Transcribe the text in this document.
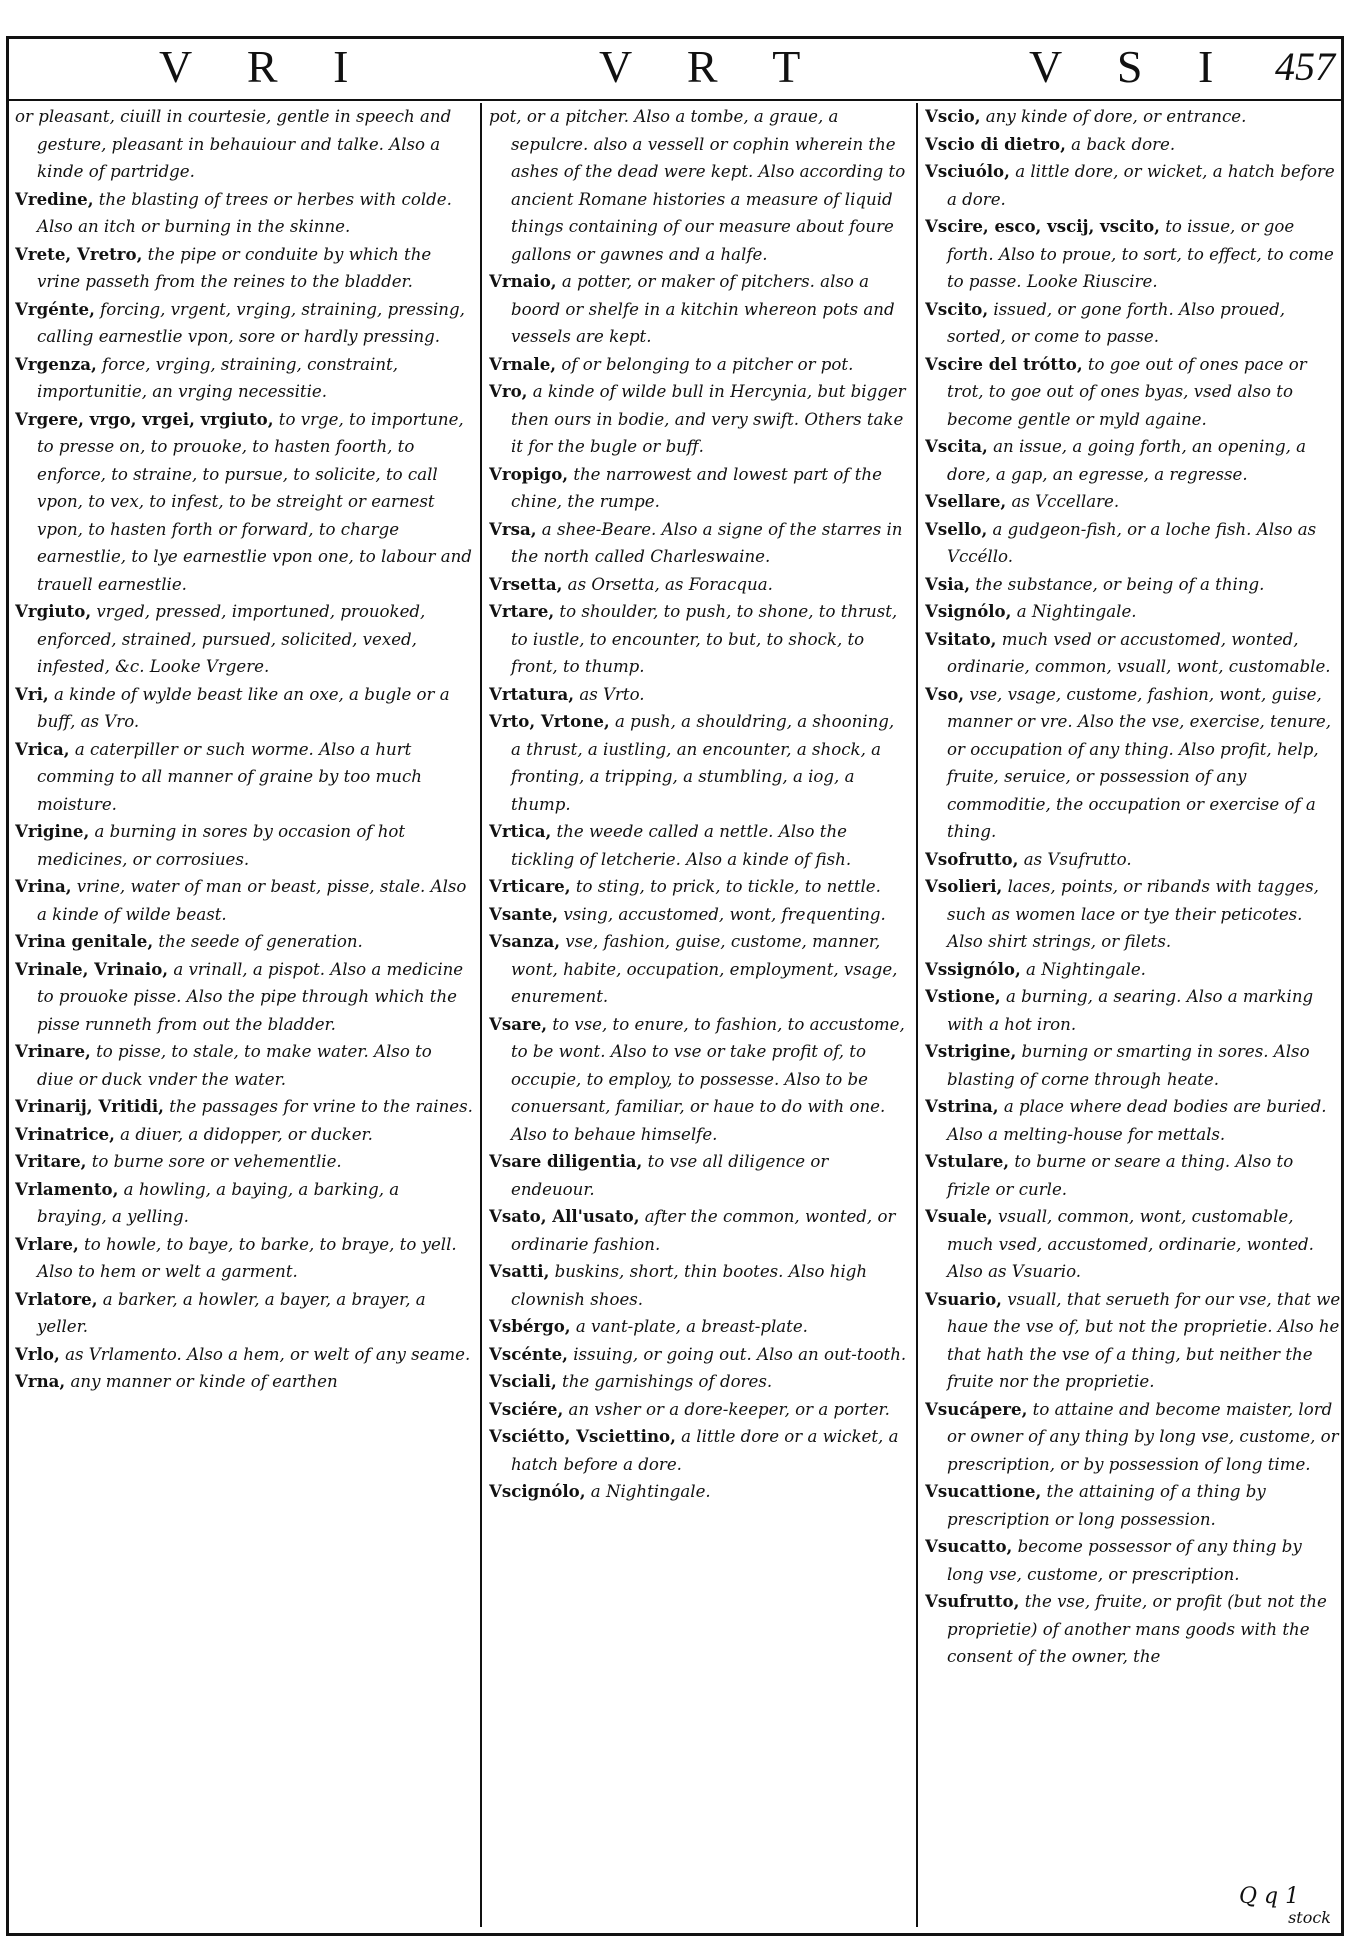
V R I	V R T	V S I 457

or pleasant, ciuill in courtesie, gentle in speech and gesture, pleasant in behauiour and talke. Also a kinde of partridge.

Vredine, the blasting of trees or herbes with colde. Also an itch or burning in the skinne.

Vrete, Vretro, the pipe or conduite by which the vrine passeth from the reines to the bladder.

Vrgénte, forcing, vrgent, vrging, straining, pressing, calling earnestlie vpon, sore or hardly pressing.

Vrgenza, force, vrging, straining, constraint, importunitie, an vrging necessitie.

Vrgere, vrgo, vrgei, vrgiuto, to vrge, to importune, to presse on, to prouoke, to hasten foorth, to enforce, to straine, to pursue, to solicite, to call vpon, to vex, to infest, to be streight or earnest vpon, to hasten forth or forward, to charge earnestlie, to lye earnestlie vpon one, to labour and trauell earnestlie.

Vrgiuto, vrged, pressed, importuned, prouoked, enforced, strained, pursued, solicited, vexed, infested, &c. Looke Vrgere.

Vri, a kinde of wylde beast like an oxe, a bugle or a buff, as Vro.

Vrica, a caterpiller or such worme. Also a hurt comming to all manner of graine by too much moisture.

Vrigine, a burning in sores by occasion of hot medicines, or corrosiues.

Vrina, vrine, water of man or beast, pisse, stale. Also a kinde of wilde beast.

Vrina genitale, the seede of generation.

Vrinale, Vrinaio, a vrinall, a pispot. Also a medicine to prouoke pisse. Also the pipe through which the pisse runneth from out the bladder.

Vrinare, to pisse, to stale, to make water. Also to diue or duck vnder the water.

Vrinarij, Vritidi, the passages for vrine to the raines.

Vrinatrice, a diuer, a didopper, or ducker.

Vritare, to burne sore or vehementlie.

Vrlamento, a howling, a baying, a barking, a braying, a yelling.

Vrlare, to howle, to baye, to barke, to braye, to yell. Also to hem or welt a garment.

Vrlatore, a barker, a howler, a bayer, a brayer, a yeller.

Vrlo, as Vrlamento. Also a hem, or welt of any seame.

Vrna, any manner or kinde of earthen

pot, or a pitcher. Also a tombe, a graue, a sepulcre. also a vessell or cophin wherein the ashes of the dead were kept. Also according to ancient Romane histories a measure of liquid things containing of our measure about foure gallons or gawnes and a halfe.

Vrnaio, a potter, or maker of pitchers. also a boord or shelfe in a kitchin whereon pots and vessels are kept.

Vrnale, of or belonging to a pitcher or pot.

Vro, a kinde of wilde bull in Hercynia, but bigger then ours in bodie, and very swift. Others take it for the bugle or buff.

Vropigo, the narrowest and lowest part of the chine, the rumpe.

Vrsa, a shee-Beare. Also a signe of the starres in the north called Charleswaine.

Vrsetta, as Orsetta, as Foracqua.

Vrtare, to shoulder, to push, to shone, to thrust, to iustle, to encounter, to but, to shock, to front, to thump.

Vrtatura, as Vrto.

Vrto, Vrtone, a push, a shouldring, a shooning, a thrust, a iustling, an encounter, a shock, a fronting, a tripping, a stumbling, a iog, a thump.

Vrtica, the weede called a nettle. Also the tickling of letcherie. Also a kinde of fish.

Vrticare, to sting, to prick, to tickle, to nettle.

Vsante, vsing, accustomed, wont, frequenting.

Vsanza, vse, fashion, guise, custome, manner, wont, habite, occupation, employment, vsage, enurement.

Vsare, to vse, to enure, to fashion, to accustome, to be wont. Also to vse or take profit of, to occupie, to employ, to possesse. Also to be conuersant, familiar, or haue to do with one. Also to behaue himselfe.

Vsare diligentia, to vse all diligence or endeuour.

Vsato, All'usato, after the common, wonted, or ordinarie fashion.

Vsatti, buskins, short, thin bootes. Also high clownish shoes.

Vsbérgo, a vant-plate, a breast-plate.

Vscénte, issuing, or going out. Also an out-tooth.

Vsciali, the garnishings of dores.

Vsciére, an vsher or a dore-keeper, or a porter.

Vsciétto, Vsciettino, a little dore or a wicket, a hatch before a dore.

Vscignólo, a Nightingale.

Vscio, any kinde of dore, or entrance.

Vscio di dietro, a back dore.

Vsciuólo, a little dore, or wicket, a hatch before a dore.

Vscire, esco, vscij, vscito, to issue, or goe forth. Also to proue, to sort, to effect, to come to passe. Looke Riuscire.

Vscito, issued, or gone forth. Also proued, sorted, or come to passe.

Vscire del trótto, to goe out of ones pace or trot, to goe out of ones byas, vsed also to become gentle or myld againe.

Vscita, an issue, a going forth, an opening, a dore, a gap, an egresse, a regresse.

Vsellare, as Vccellare.

Vsello, a gudgeon-fish, or a loche fish. Also as Vccéllo.

Vsia, the substance, or being of a thing.

Vsignólo, a Nightingale.

Vsitato, much vsed or accustomed, wonted, ordinarie, common, vsuall, wont, customable.

Vso, vse, vsage, custome, fashion, wont, guise, manner or vre. Also the vse, exercise, tenure, or occupation of any thing. Also profit, help, fruite, seruice, or possession of any commoditie, the occupation or exercise of a thing.

Vsofrutto, as Vsufrutto.

Vsolieri, laces, points, or ribands with tagges, such as women lace or tye their peticotes. Also shirt strings, or filets.

Vssignólo, a Nightingale.

Vstione, a burning, a searing. Also a marking with a hot iron.

Vstrigine, burning or smarting in sores. Also blasting of corne through heate.

Vstrina, a place where dead bodies are buried. Also a melting-house for mettals.

Vstulare, to burne or seare a thing. Also to frizle or curle.

Vsuale, vsuall, common, wont, customable, much vsed, accustomed, ordinarie, wonted. Also as Vsuario.

Vsuario, vsuall, that serueth for our vse, that we haue the vse of, but not the proprietie. Also he that hath the vse of a thing, but neither the fruite nor the proprietie.

Vsucápere, to attaine and become maister, lord or owner of any thing by long vse, custome, or prescription, or by possession of long time.

Vsucattione, the attaining of a thing by prescription or long possession.

Vsucatto, become possessor of any thing by long vse, custome, or prescription.

Vsufrutto, the vse, fruite, or profit (but not the proprietie) of another mans goods with the consent of the owner, the

Q q 1
stock
